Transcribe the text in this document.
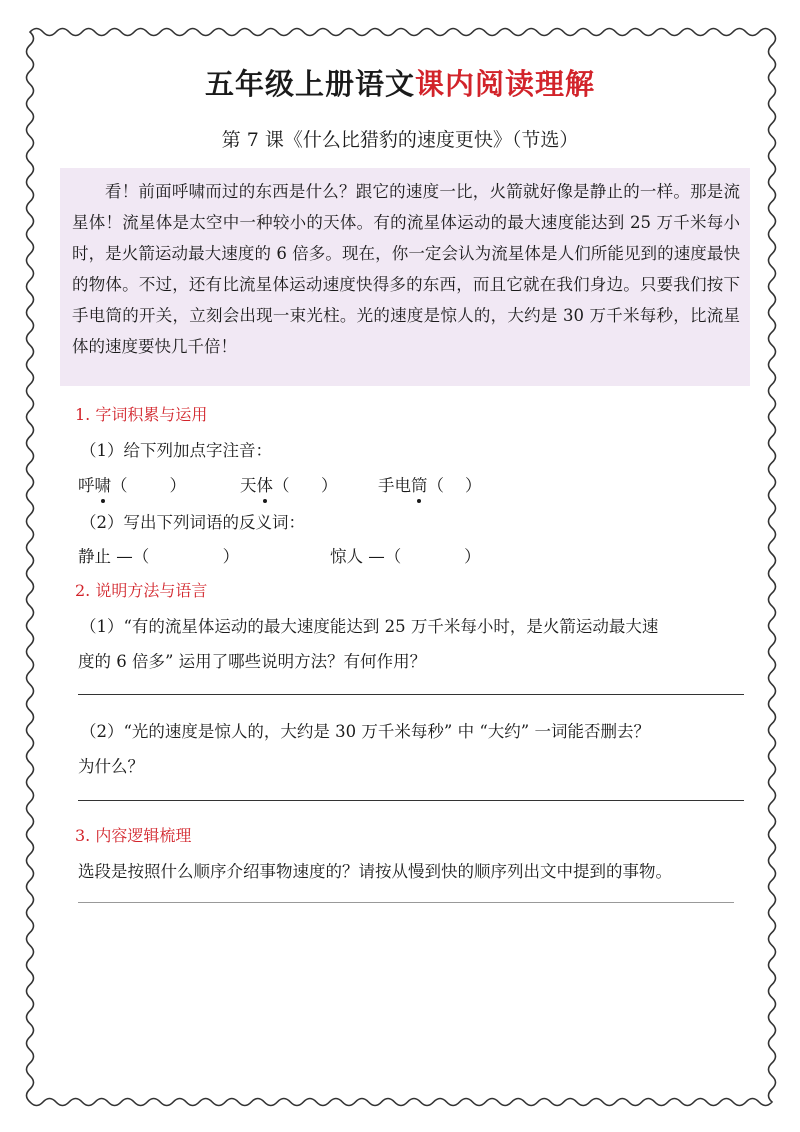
五年级上册语文课内阅读理解
第 7 课《什么比猎豹的速度更快》（节选）

看！前面呼啸而过的东西是什么？跟它的速度一比，火箭就好像是静止的一样。那是流星体！流星体是太空中一种较小的天体。有的流星体运动的最大速度能达到 25 万千米每小时，是火箭运动最大速度的 6 倍多。现在，你一定会认为流星体是人们所能见到的速度最快的物体。不过，还有比流星体运动速度快得多的东西，而且它就在我们身边。只要我们按下手电筒的开关，立刻会出现一束光柱。光的速度是惊人的，大约是 30 万千米每秒，比流星体的速度要快几千倍！

1. 字词积累与运用
（1）给下列加点字注音：
呼啸（        ）	天体（      ） 手电筒（    ）
（2）写出下列词语的反义词：
静止 —（              ）	惊人 —（            ）
2. 说明方法与语言
（1）“有的流星体运动的最大速度能达到 25 万千米每小时，是火箭运动最大速
度的 6 倍多” 运用了哪些说明方法？有何作用？
（2）“光的速度是惊人的，大约是 30 万千米每秒” 中 “大约” 一词能否删去？
为什么？
3. 内容逻辑梳理
选段是按照什么顺序介绍事物速度的？请按从慢到快的顺序列出文中提到的事物。
